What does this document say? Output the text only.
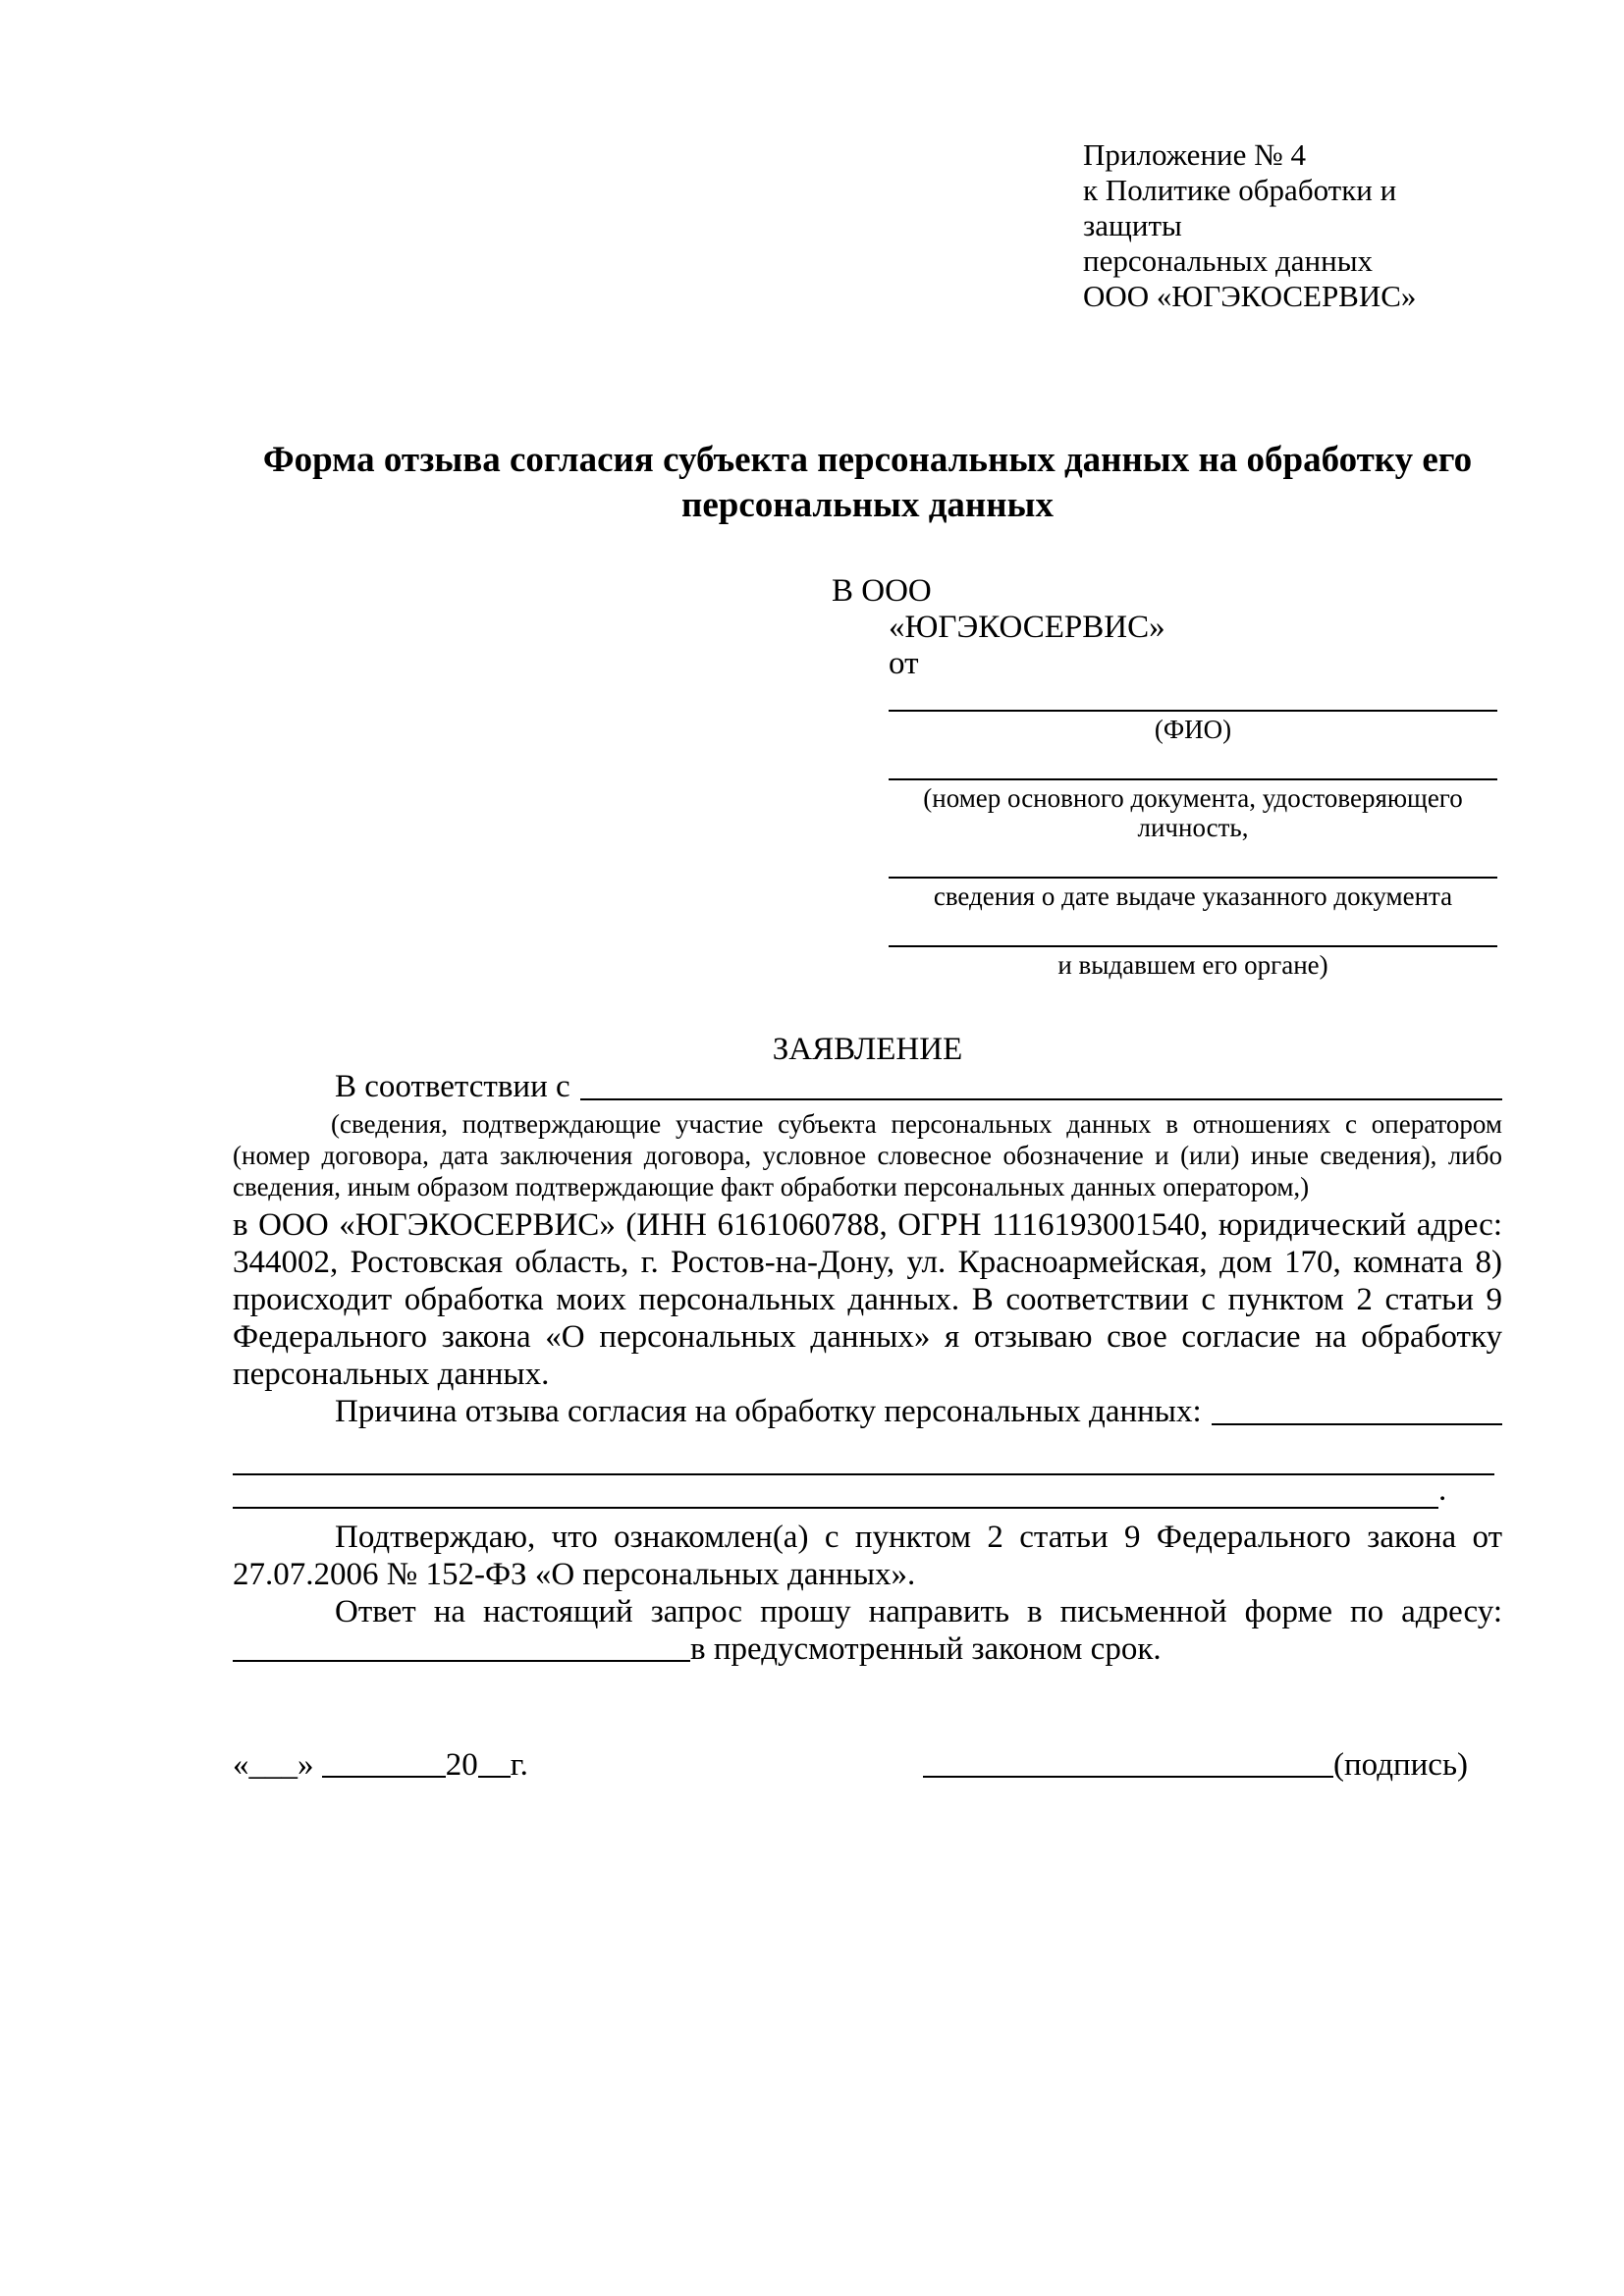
Приложение № 4
к Политике обработки и защиты
персональных данных
ООО «ЮГЭКОСЕРВИС»
Форма отзыва согласия субъекта персональных данных на обработку его персональных данных
В ООО
«ЮГЭКОСЕРВИС»
от
(ФИО)
(номер основного документа, удостоверяющего личность,
сведения о дате выдаче указанного документа
и выдавшем его органе)
ЗАЯВЛЕНИЕ
В соответствии с
(сведения, подтверждающие участие субъекта персональных данных в отношениях с оператором (номер договора, дата заключения договора, условное словесное обозначение и (или) иные сведения), либо сведения, иным образом подтверждающие факт обработки персональных данных оператором,)
в ООО «ЮГЭКОСЕРВИС» (ИНН 6161060788, ОГРН 1116193001540, юридический адрес: 344002, Ростовская область, г. Ростов-на-Дону, ул. Красноармейская, дом 170, комната 8) происходит обработка моих персональных данных. В соответствии с пунктом 2 статьи 9 Федерального закона «О персональных данных» я отзываю свое согласие на обработку персональных данных.
Причина отзыва согласия на обработку персональных данных:
.
Подтверждаю, что ознакомлен(а) с пунктом 2 статьи 9 Федерального закона от 27.07.2006 № 152-ФЗ «О персональных данных».
Ответ на настоящий запрос прошу направить в письменной форме по адресу:
в предусмотренный законом срок.
«___»	20 г.	(подпись)
